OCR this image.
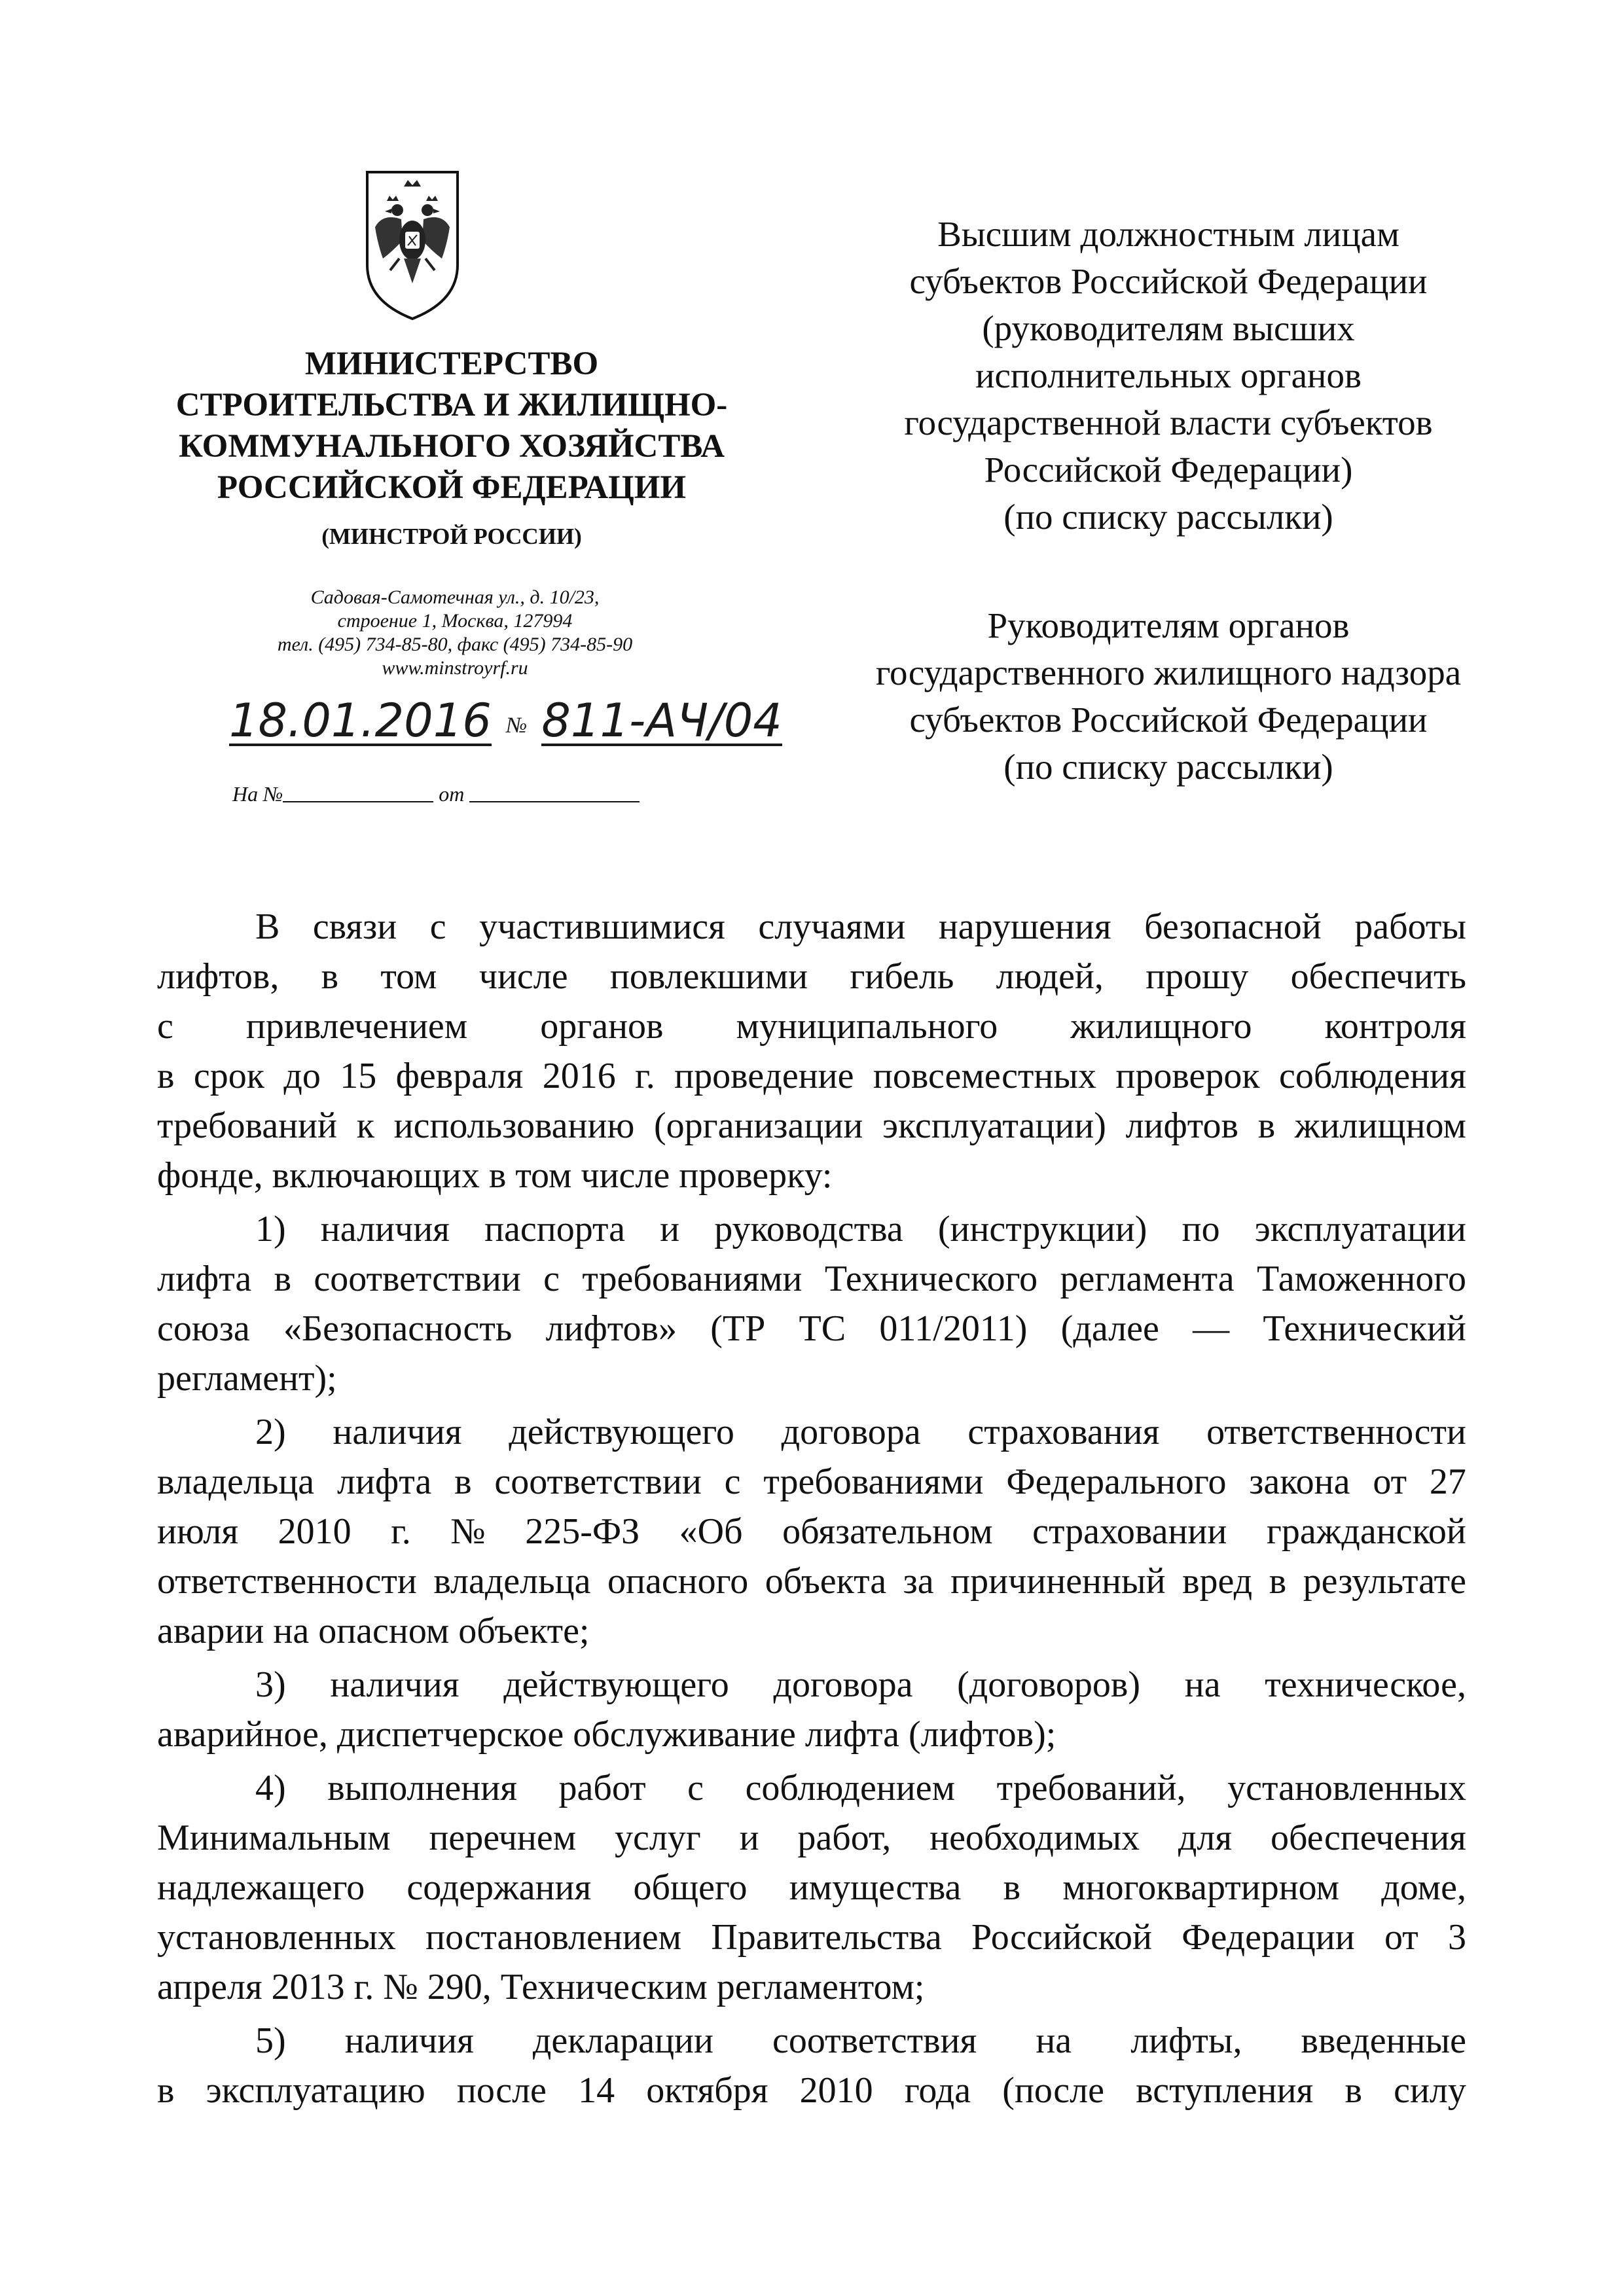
МИНИСТЕРСТВО
СТРОИТЕЛЬСТВА И ЖИЛИЩНО-
КОММУНАЛЬНОГО ХОЗЯЙСТВА
РОССИЙСКОЙ ФЕДЕРАЦИИ
(МИНСТРОЙ РОССИИ)
Садовая-Самотечная ул., д. 10/23,
строение 1, Москва, 127994
тел. (495) 734-85-80, факс (495) 734-85-90
www.minstroyrf.ru
18.01.2016 № 811-АЧ/04
На №	от
Высшим должностным лицам
субъектов Российской Федерации
(руководителям высших
исполнительных органов
государственной власти субъектов
Российской Федерации)
(по списку рассылки)
Руководителям органов
государственного жилищного надзора
субъектов Российской Федерации
(по списку рассылки)
В связи с участившимися случаями нарушения безопасной работы
лифтов, в том числе повлекшими гибель людей, прошу обеспечить
с привлечением органов муниципального жилищного контроля
в срок до 15 февраля 2016 г. проведение повсеместных проверок соблюдения
требований к использованию (организации эксплуатации) лифтов в жилищном
фонде, включающих в том числе проверку:
1) наличия паспорта и руководства (инструкции) по эксплуатации
лифта в соответствии с требованиями Технического регламента Таможенного
союза «Безопасность лифтов» (ТР ТС 011/2011) (далее — Технический
регламент);
2) наличия действующего договора страхования ответственности
владельца лифта в соответствии с требованиями Федерального закона от 27
июля 2010 г. № 225-ФЗ «Об обязательном страховании гражданской
ответственности владельца опасного объекта за причиненный вред в результате
аварии на опасном объекте;
3) наличия действующего договора (договоров) на техническое,
аварийное, диспетчерское обслуживание лифта (лифтов);
4) выполнения работ с соблюдением требований, установленных
Минимальным перечнем услуг и работ, необходимых для обеспечения
надлежащего содержания общего имущества в многоквартирном доме,
установленных постановлением Правительства Российской Федерации от 3
апреля 2013 г. № 290, Техническим регламентом;
5) наличия декларации соответствия на лифты, введенные
в эксплуатацию после 14 октября 2010 года (после вступления в силу
